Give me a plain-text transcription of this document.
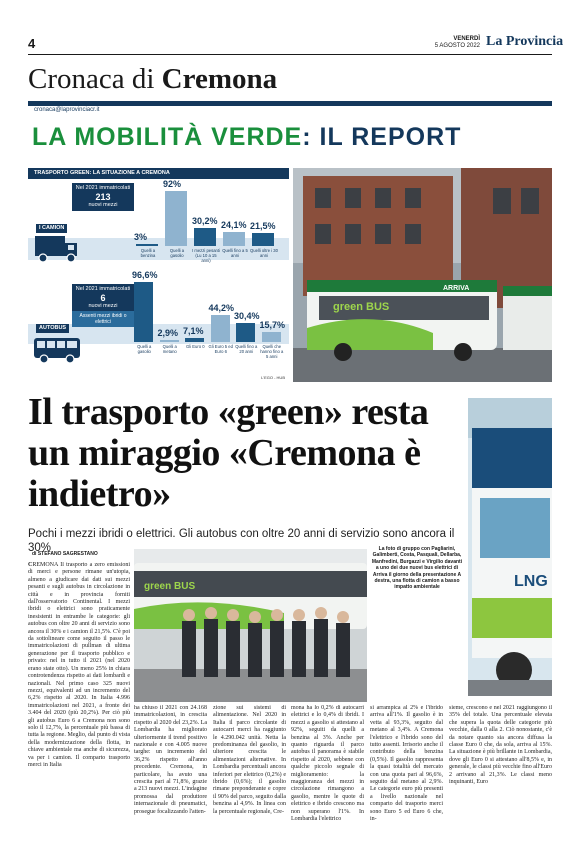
4	VENERDÌ
5 AGOSTO 2022 La Provincia
Cronaca di Cremona
cronaca@laprovinciacr.it
LA MOBILITÀ VERDE: IL REPORT
TRASPORTO GREEN: LA SITUAZIONE A CREMONA
I CAMION
Nel 2021 immatricolati
213
nuovi mezzi
3%
Quelli a benzina
92%
Quelli a gasolio
30,2%
I mezzi pesanti (Lu 10 a 15 anni)
24,1%
Quelli fino a 5 anni
21,5%
Quelli oltre i 30 anni
Nel 2021 immatricolati
6
nuovi mezzi
Assenti mezzi ibridi o elettrici
AUTOBUS
96,6%
Quelli a gasolio
2,9%
Quelli a metano
7,1%
Gli Euro 0
44,2%
Gli Euro 5 ed Euro 6
30,4%
Quelli fino a 20 anni
15,7%
Quelli che hanno fino a 5 anni
L'EGO - HUB
green BUS
ARRIVA
Il trasporto «green» resta un miraggio «Cremona è indietro»
Pochi i mezzi ibridi o elettrici. Gli autobus con oltre 20 anni di servizio sono ancora il 30%
LNG
di STEFANO SAGRESTANO
La foto di gruppo con Pagliarini, Galimberti, Costa, Pasquali, Dellarba, Manfredini, Burgazzi e Virgilio davanti a uno dei due nuovi bus elettrici di Arriva il giorno della presentazione A destra, una flotta di camion a basso impatto ambientale
green BUS
CREMONA Il trasporto a zero emissioni di merci e persone rimane un'utopia, almeno a giudicare dai dati sui mezzi pesanti e sugli autobus in circolazione in città e in provincia forniti dall'osservatorio Continental. I mezzi ibridi o elettrici sono praticamente inesistenti in entrambe le categorie: gli autobus con oltre 20 anni di servizio sono ancora il 30% e i camion il 21,5%. C'è poi da sottolineare come seguito il passo le immatricolazioni di pullman di ultima generazione per il trasporto pubblico e privato: nel in tutto il 2021 (nel 2020 erano state otto). Un meno 25% in chiara controtendenza rispetto ai dati lombardi e nazionali. Nel primo caso 325 nuovi mezzi, equivalenti ad un incremento del 6,2% rispetto al 2020. In Italia 4.996 immatricolazioni nel 2021, a fronte dei 3.404 del 2020 (più 20,2%). Per ciò più gli autobus Euro 6 a Cremona non sono solo il 12,7%, la percentuale più bassa di tutta la regione. Meglio, dal punto di vista della modernizzazione della flotta, in chiave ambientale ma anche di sicurezza, va per i camion. Il comparto trasporto merci in Italia
ha chiuso il 2021 con 24.168 immatricolazioni, in crescita rispetto al 2020 del 23,2%. La Lombardia ha migliorato ulteriormente il trend positivo nazionale e con 4.005 nuove targhe: un incremento del 36,2% rispetto all'anno precedente. Cremona, in particolare, ha avuto una crescita pari al 71,8%, grazie a 213 nuovi mezzi. L'indagine promossa dal produttore internazionale di pneumatici, prosegue focalizzando l'atten-
zione sui sistemi di alimentazione. Nel 2020 in Italia il parco circolante di autocarri merci ha raggiunto le 4.290.042 unità. Netta la predominanza del gasolio, in ulteriore crescita le alimentazioni alternative. In Lombardia percentuali ancora inferiori per elettrico (0,2%) e ibrido (0,6%); il gasolio rimane preponderante e copre il 90% del parco, seguito dalla benzina al 4,9%. In linea con la percentuale regionale, Cre-
mona ha lo 0,2% di autocarri elettrici e lo 0,4% di ibridi. I mezzi a gasolio si attestano al 92%, seguiti da quelli a benzina al 3%. Anche per quanto riguarda il parco autobus il panorama è stabile rispetto al 2020, sebbene con qualche piccolo segnale di miglioramento: la maggioranza dei mezzi in circolazione rimangono a gasolio, mentre le quote di elettrico e ibrido crescono ma non superano l'1%. In Lombardia l'elettrico
si arrampica al 2% e l'ibrido arriva all'1%. Il gasolio è in vetta al 93,3%, seguito dal metano al 3,4%. A Cremona l'elettrico e l'ibrido sono del tutto assenti. Irrisorio anche il contributo della benzina (0,5%). Il gasolio rappresenta la quasi totalità del mercato con una quota pari al 96,6%, seguito dal metano al 2,9%. Le categorie euro più presenti a livello nazionale nel comparto del trasporto merci sono Euro 5 ed Euro 6 che, in-
sieme, crescono e nel 2021 raggiungono il 35% del totale. Una percentuale elevata che supera la quota delle categorie più vecchie, dalla 0 alla 2. Ciò nonostante, c'è da notare quanto sia ancora diffusa la classe Euro 0 che, da sola, arriva al 15%. La situazione è più brillante in Lombardia, dove gli Euro 0 si attestano all'8,5% e, in generale, le classi più vecchie fino all'Euro 2 arrivano al 21,3%. Le classi meno inquinanti, Euro
